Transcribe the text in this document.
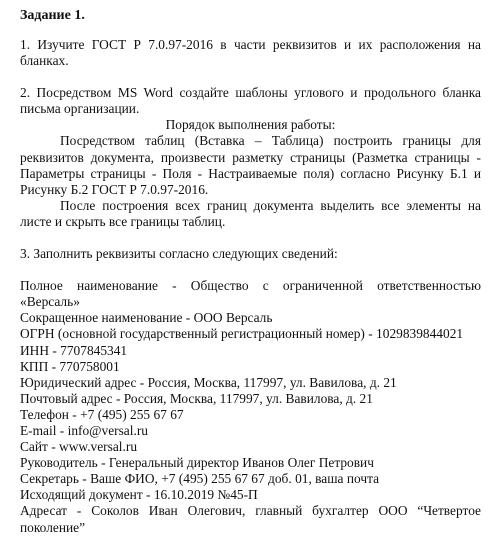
Задание 1.
1. Изучите ГОСТ Р 7.0.97-2016 в части реквизитов и их расположения на
бланках.
2. Посредством MS Word создайте шаблоны углового и продольного бланка
письма организации.
Порядок выполнения работы:
Посредством таблиц (Вставка – Таблица) построить границы для
реквизитов документа, произвести разметку страницы (Разметка страницы -
Параметры страницы - Поля - Настраиваемые поля) согласно Рисунку Б.1 и
Рисунку Б.2 ГОСТ Р 7.0.97-2016.
После построения всех границ документа выделить все элементы на
листе и скрыть все границы таблиц.
3. Заполнить реквизиты согласно следующих сведений:
Полное наименование - Общество с ограниченной ответственностью
«Версаль»
Сокращенное наименование - ООО Версаль
ОГРН (основной государственный регистрационный номер) - 1029839844021
ИНН - 7707845341
КПП - 770758001
Юридический адрес - Россия, Москва, 117997, ул. Вавилова, д. 21
Почтовый адрес - Россия, Москва, 117997, ул. Вавилова, д. 21
Телефон - +7 (495) 255 67 67
E-mail - info@versal.ru
Сайт - www.versal.ru
Руководитель - Генеральный директор Иванов Олег Петрович
Секретарь - Ваше ФИО, +7 (495) 255 67 67 доб. 01, ваша почта
Исходящий документ - 16.10.2019 №45-П
Адресат - Соколов Иван Олегович, главный бухгалтер ООО “Четвертое
поколение”
